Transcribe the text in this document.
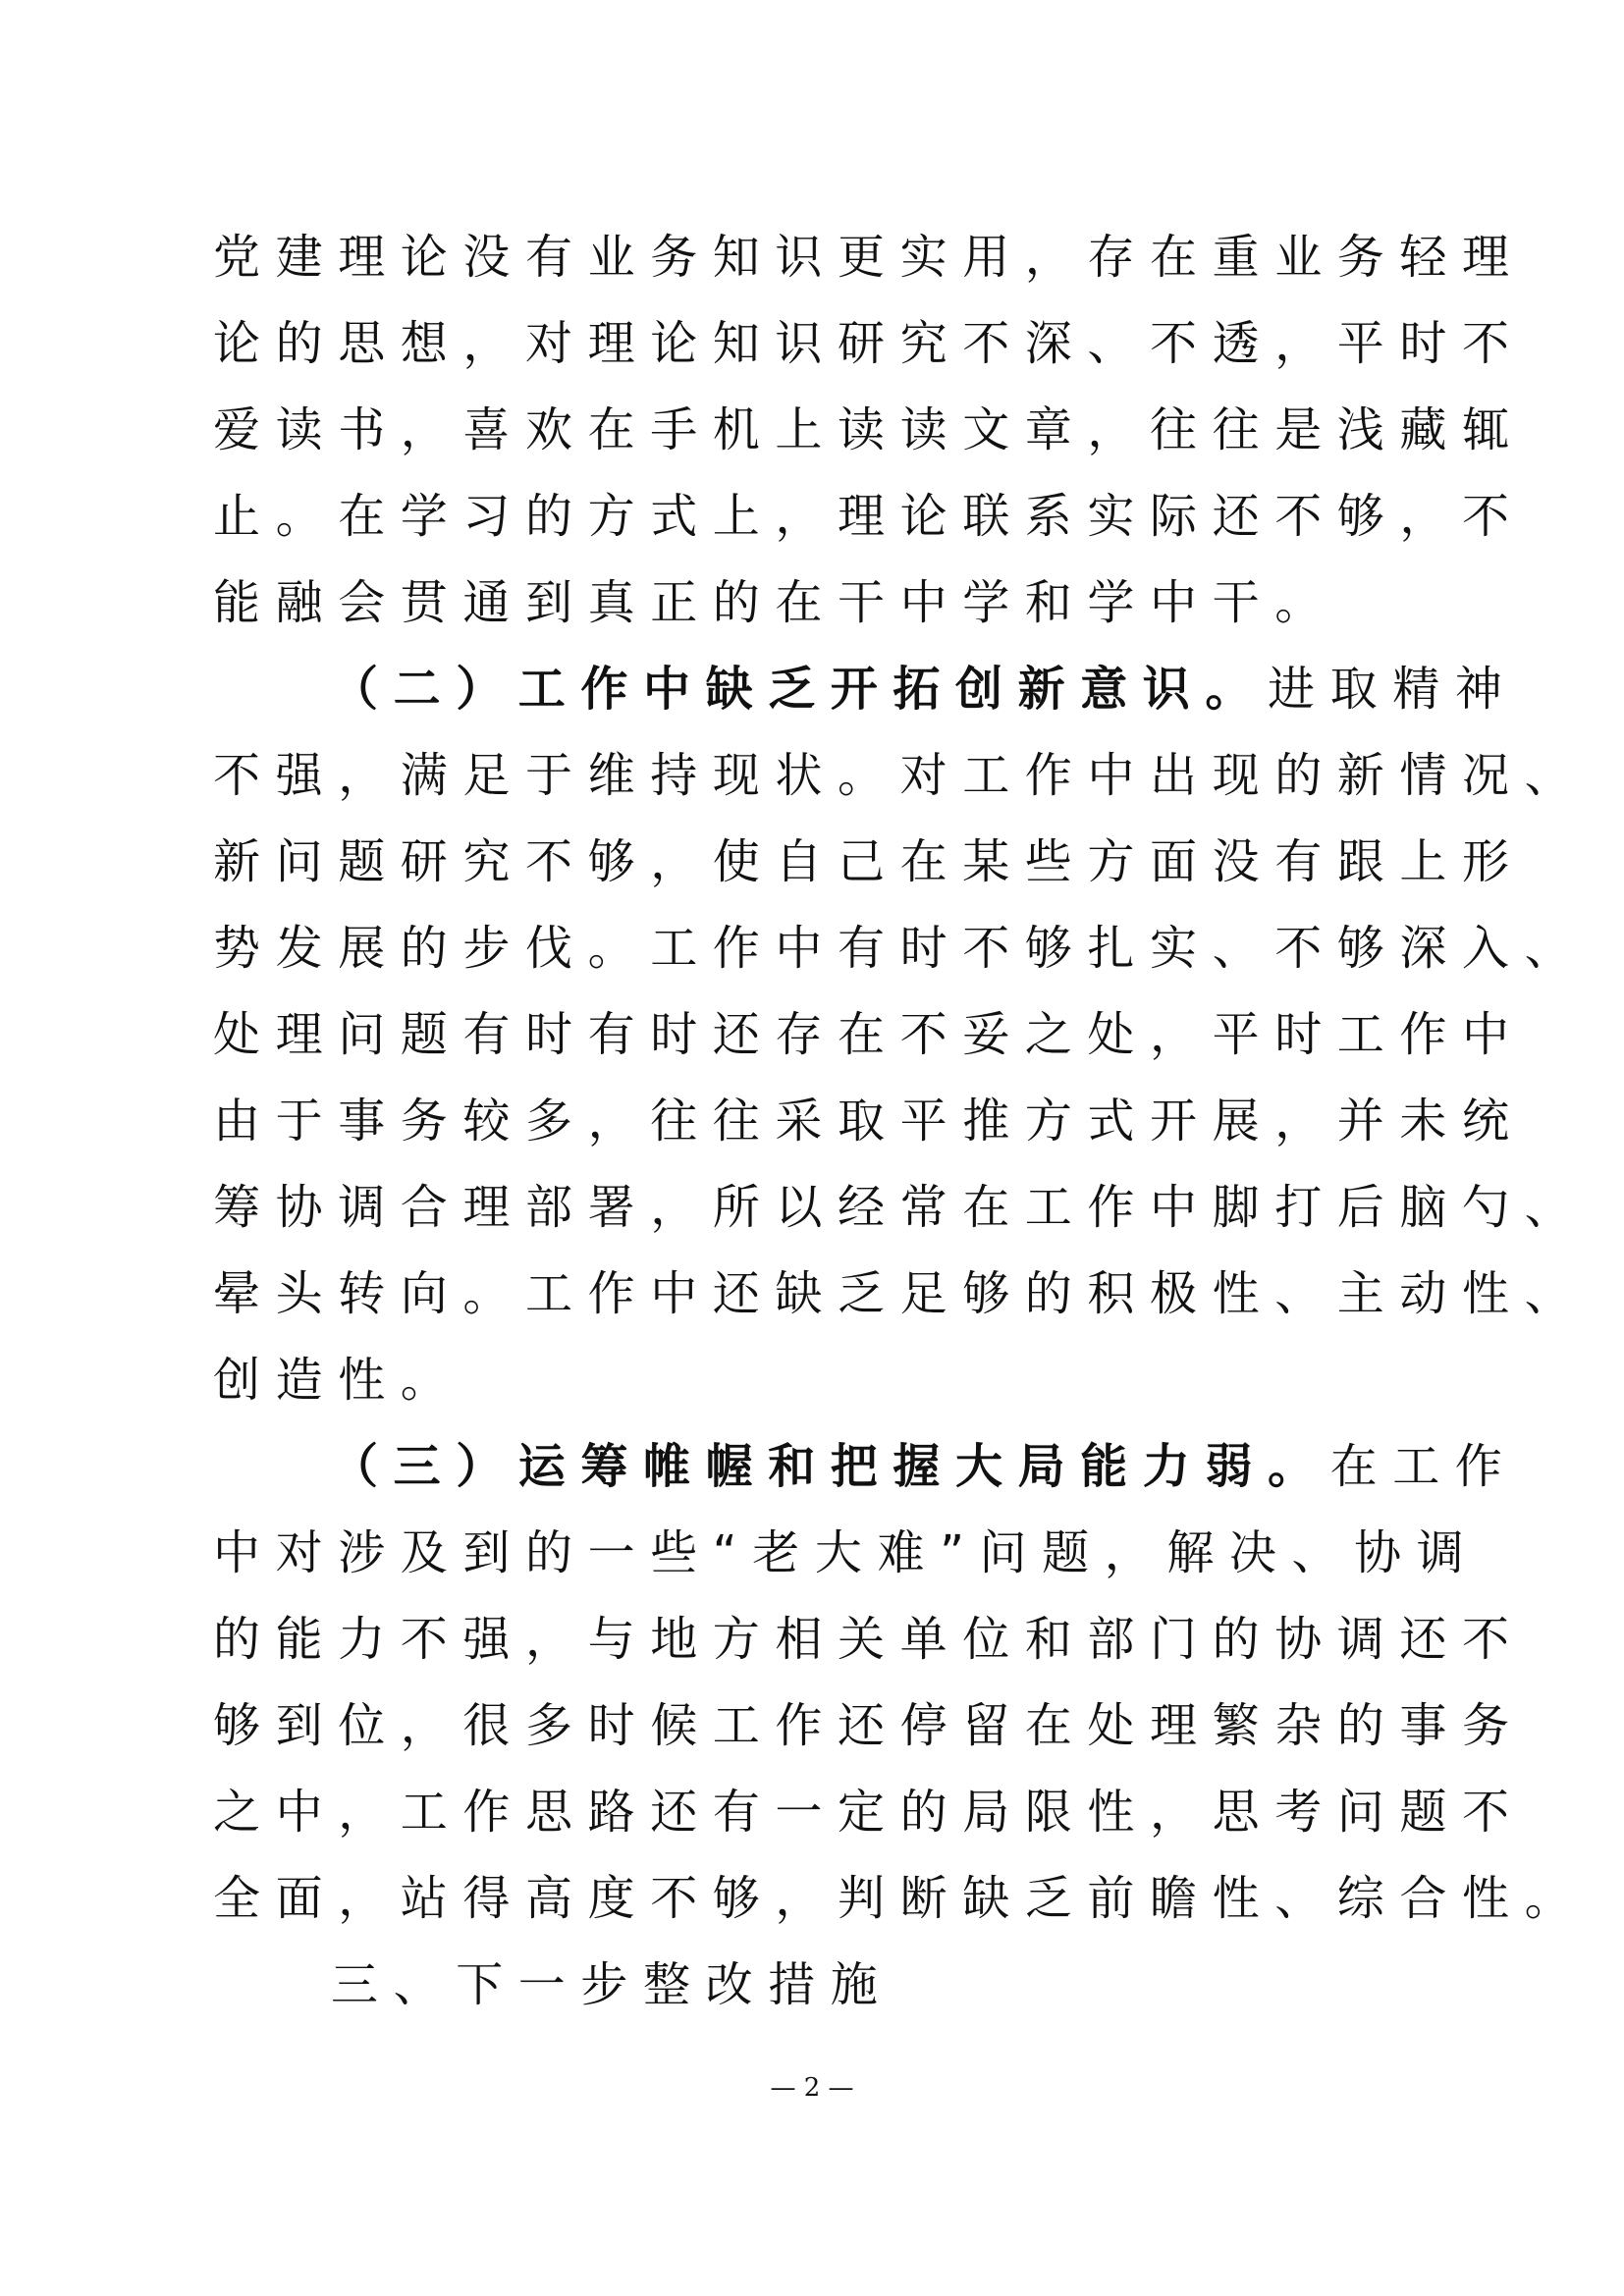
党建理论没有业务知识更实用，存在重业务轻理
论的思想，对理论知识研究不深、不透，平时不
爱读书，喜欢在手机上读读文章，往往是浅藏辄
止。在学习的方式上，理论联系实际还不够，不
能融会贯通到真正的在干中学和学中干。
（二）工作中缺乏开拓创新意识。进取精神
不强，满足于维持现状。对工作中出现的新情况、
新问题研究不够，使自己在某些方面没有跟上形
势发展的步伐。工作中有时不够扎实、不够深入、
处理问题有时有时还存在不妥之处，平时工作中
由于事务较多，往往采取平推方式开展，并未统
筹协调合理部署，所以经常在工作中脚打后脑勺、
晕头转向。工作中还缺乏足够的积极性、主动性、
创造性。
（三）运筹帷幄和把握大局能力弱。在工作
中对涉及到的一些“老大难”问题，解决、协调
的能力不强，与地方相关单位和部门的协调还不
够到位，很多时候工作还停留在处理繁杂的事务
之中，工作思路还有一定的局限性，思考问题不
全面，站得高度不够，判断缺乏前瞻性、综合性。
三、下一步整改措施
— 2 —
